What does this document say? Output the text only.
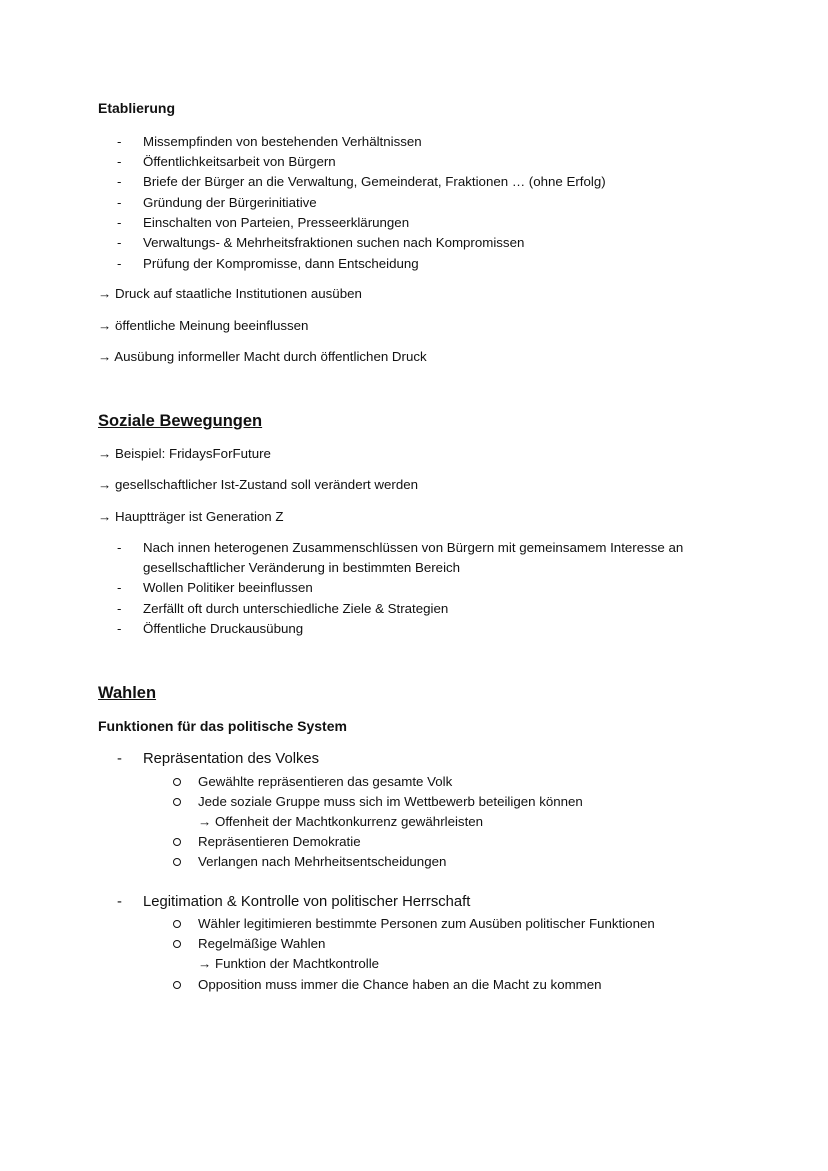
Etablierung
- Missempfinden von bestehenden Verhältnissen
- Öffentlichkeitsarbeit von Bürgern
- Briefe der Bürger an die Verwaltung, Gemeinderat, Fraktionen … (ohne Erfolg)
- Gründung der Bürgerinitiative
- Einschalten von Parteien, Presseerklärungen
- Verwaltungs- & Mehrheitsfraktionen suchen nach Kompromissen
- Prüfung der Kompromisse, dann Entscheidung
→ Druck auf staatliche Institutionen ausüben
→ öffentliche Meinung beeinflussen
→ Ausübung informeller Macht durch öffentlichen Druck
Soziale Bewegungen
→ Beispiel: FridaysForFuture
→ gesellschaftlicher Ist-Zustand soll verändert werden
→ Hauptträger ist Generation Z
- Nach innen heterogenen Zusammenschlüssen von Bürgern mit gemeinsamem Interesse an
gesellschaftlicher Veränderung in bestimmten Bereich
- Wollen Politiker beeinflussen
- Zerfällt oft durch unterschiedliche Ziele & Strategien
- Öffentliche Druckausübung
Wahlen
Funktionen für das politische System
- Repräsentation des Volkes
Gewählte repräsentieren das gesamte Volk
Jede soziale Gruppe muss sich im Wettbewerb beteiligen können
→ Offenheit der Machtkonkurrenz gewährleisten
Repräsentieren Demokratie
Verlangen nach Mehrheitsentscheidungen
- Legitimation & Kontrolle von politischer Herrschaft
Wähler legitimieren bestimmte Personen zum Ausüben politischer Funktionen
Regelmäßige Wahlen
→ Funktion der Machtkontrolle
Opposition muss immer die Chance haben an die Macht zu kommen
